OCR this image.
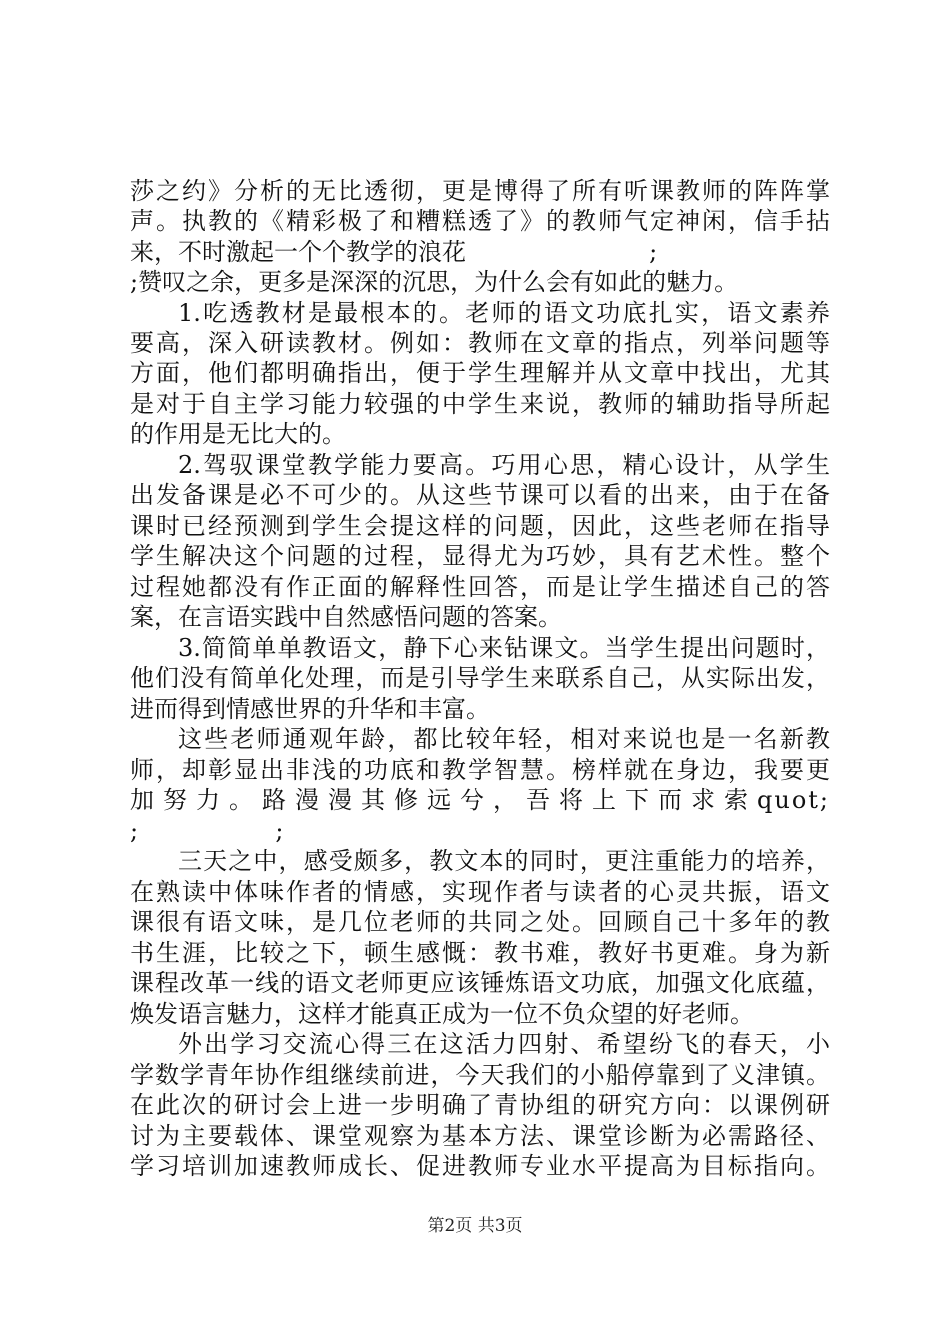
莎之约》分析的无比透彻，更是博得了所有听课教师的阵阵掌
声。执教的《精彩极了和糟糕透了》的教师气定神闲，信手拈
来，不时激起一个个教学的浪花                        ;
;赞叹之余，更多是深深的沉思，为什么会有如此的魅力。
1.吃透教材是最根本的。老师的语文功底扎实，语文素养
要高，深入研读教材。例如：教师在文章的指点，列举问题等
方面，他们都明确指出，便于学生理解并从文章中找出，尤其
是对于自主学习能力较强的中学生来说，教师的辅助指导所起
的作用是无比大的。
2.驾驭课堂教学能力要高。巧用心思，精心设计，从学生
出发备课是必不可少的。从这些节课可以看的出来，由于在备
课时已经预测到学生会提这样的问题，因此，这些老师在指导
学生解决这个问题的过程，显得尤为巧妙，具有艺术性。整个
过程她都没有作正面的解释性回答，而是让学生描述自己的答
案，在言语实践中自然感悟问题的答案。
3.简简单单教语文，静下心来钻课文。当学生提出问题时，
他们没有简单化处理，而是引导学生来联系自己，从实际出发，
进而得到情感世界的升华和丰富。
这些老师通观年龄，都比较年轻，相对来说也是一名新教
师，却彰显出非浅的功底和教学智慧。榜样就在身边，我要更
加努力。路漫漫其修远兮，吾将上下而求索quot;
;                  ;
三天之中，感受颇多，教文本的同时，更注重能力的培养，
在熟读中体味作者的情感，实现作者与读者的心灵共振，语文
课很有语文味，是几位老师的共同之处。回顾自己十多年的教
书生涯，比较之下，顿生感慨：教书难，教好书更难。身为新
课程改革一线的语文老师更应该锤炼语文功底，加强文化底蕴，
焕发语言魅力，这样才能真正成为一位不负众望的好老师。
外出学习交流心得三在这活力四射、希望纷飞的春天，小
学数学青年协作组继续前进，今天我们的小船停靠到了义津镇。
在此次的研讨会上进一步明确了青协组的研究方向：以课例研
讨为主要载体、课堂观察为基本方法、课堂诊断为必需路径、
学习培训加速教师成长、促进教师专业水平提高为目标指向。
第2页 共3页
